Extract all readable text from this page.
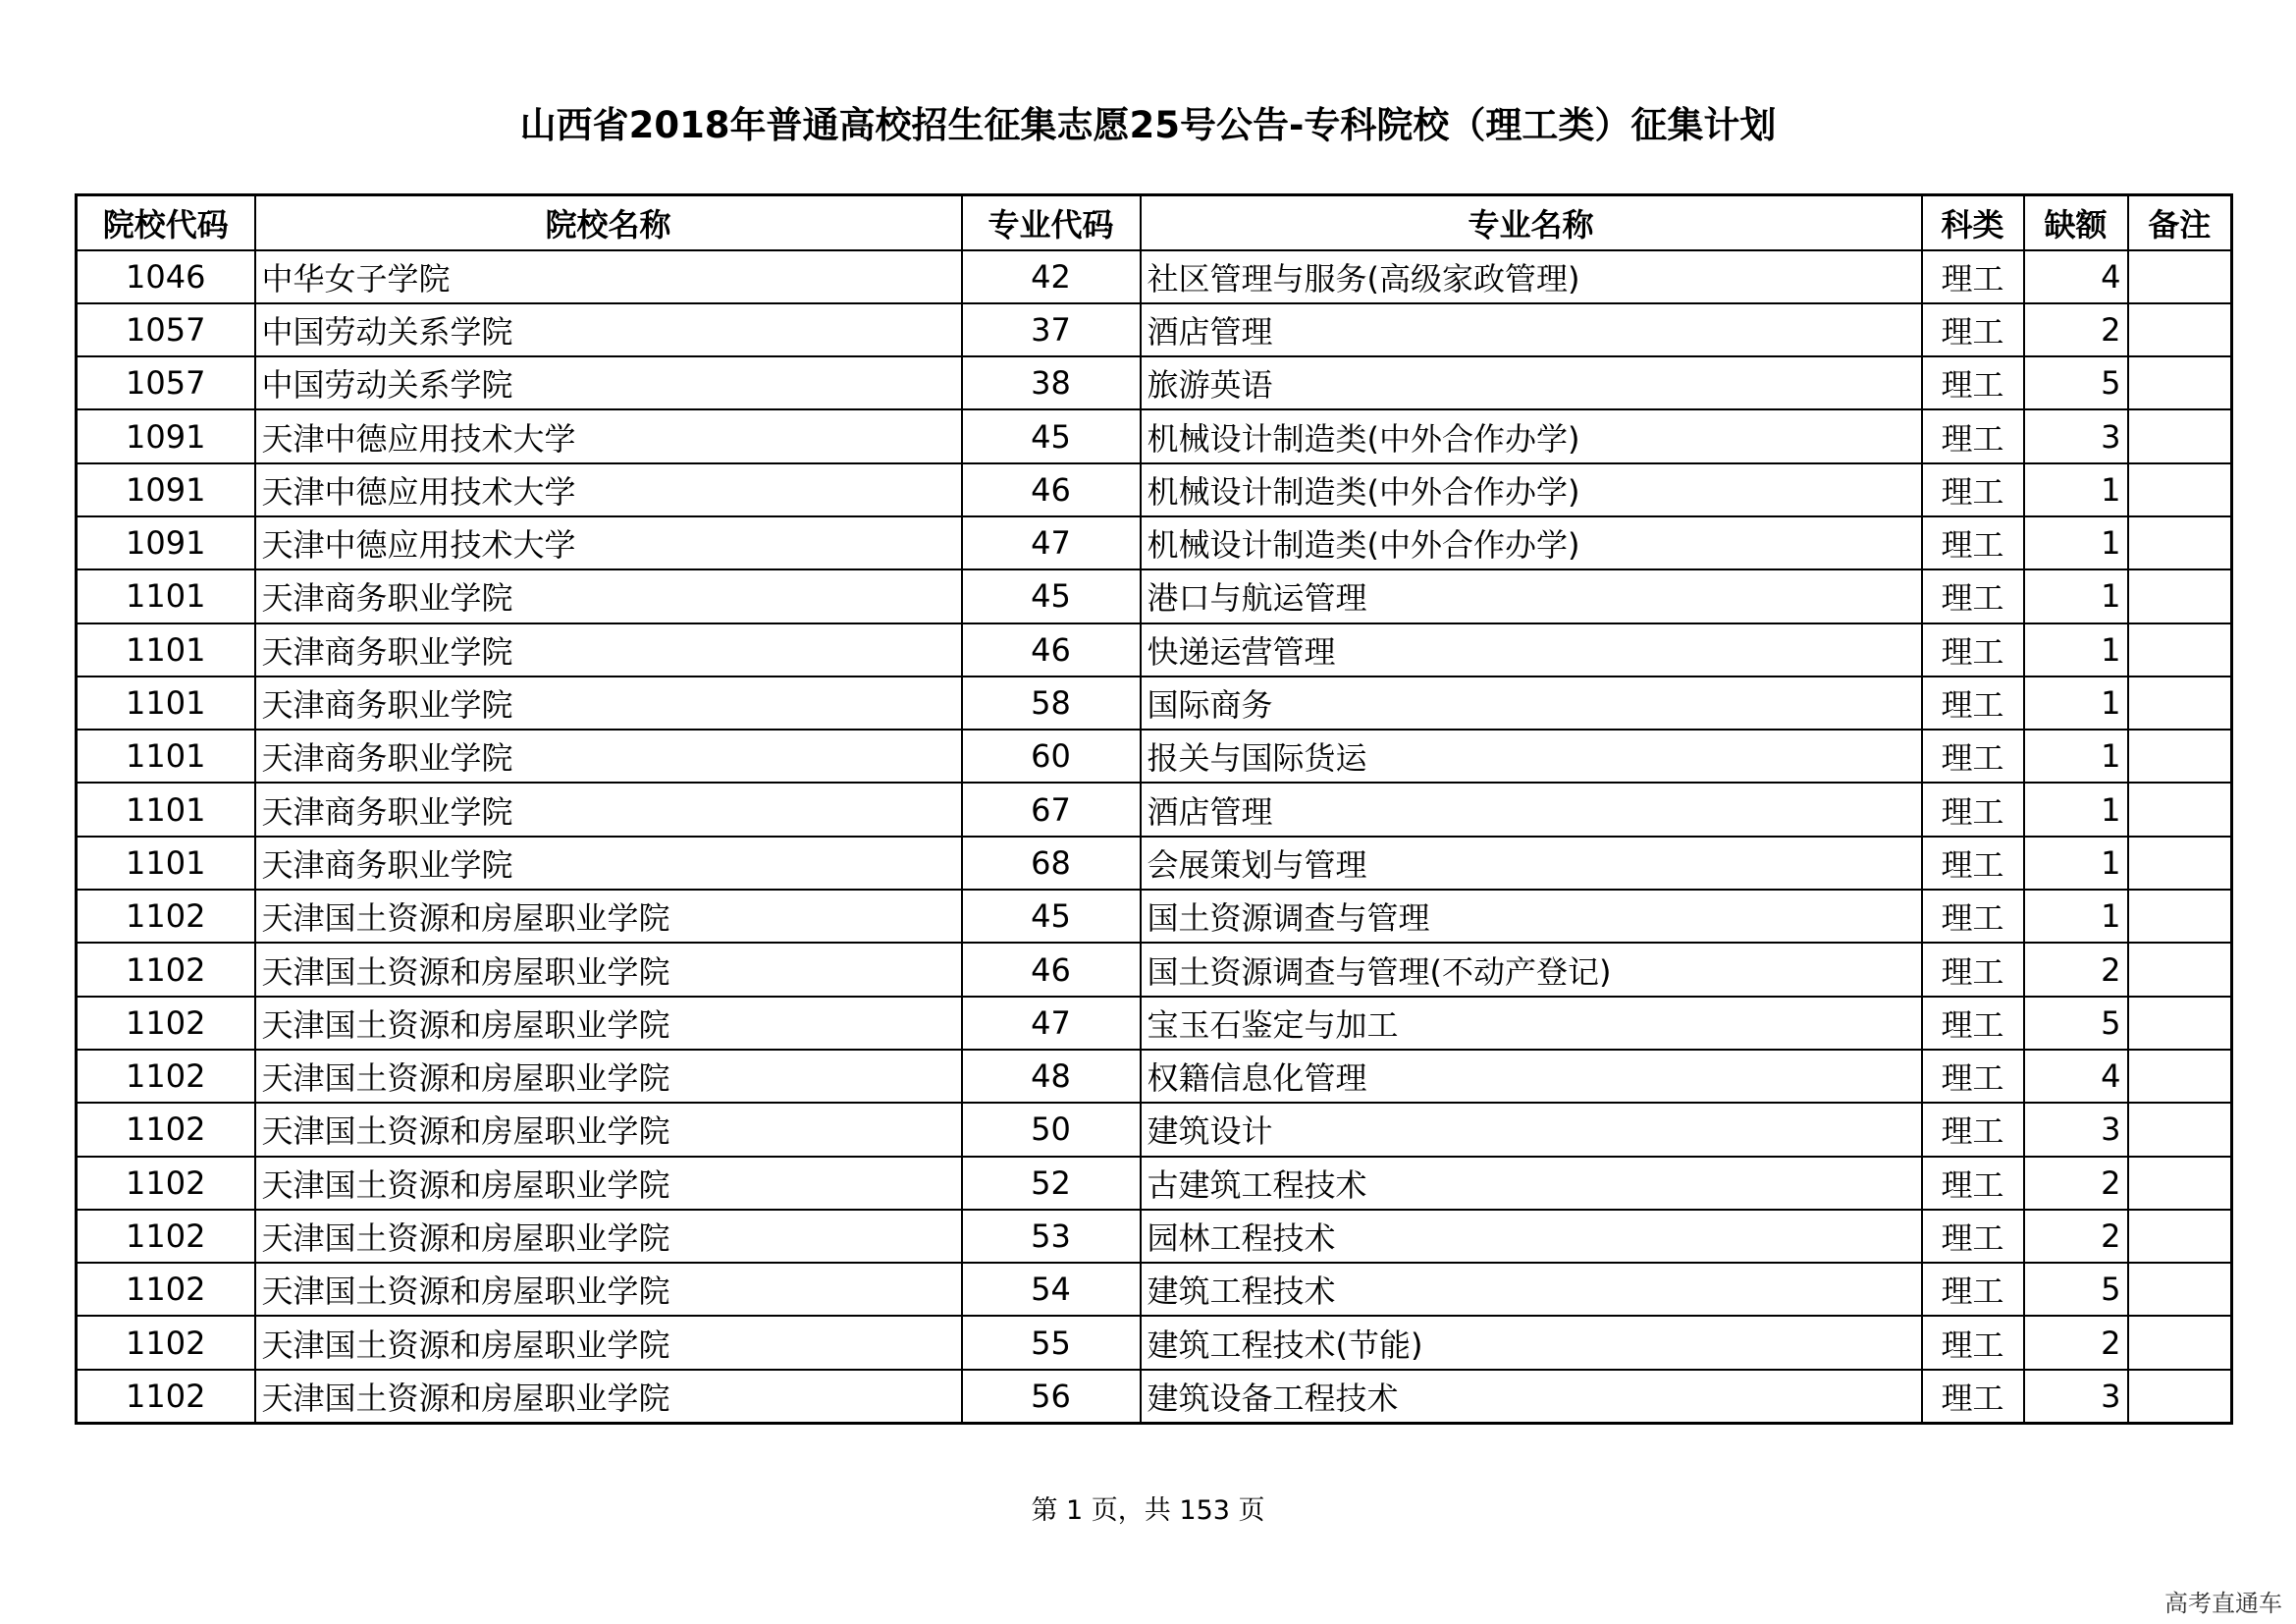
山西省2018年普通高校招生征集志愿25号公告-专科院校（理工类）征集计划
院校代码	院校名称	专业代码	专业名称	科类	缺额	备注
1046	中华女子学院	42	社区管理与服务(高级家政管理)	理工	4	
1057	中国劳动关系学院	37	酒店管理	理工	2	
1057	中国劳动关系学院	38	旅游英语	理工	5	
1091	天津中德应用技术大学	45	机械设计制造类(中外合作办学)	理工	3	
1091	天津中德应用技术大学	46	机械设计制造类(中外合作办学)	理工	1	
1091	天津中德应用技术大学	47	机械设计制造类(中外合作办学)	理工	1	
1101	天津商务职业学院	45	港口与航运管理	理工	1	
1101	天津商务职业学院	46	快递运营管理	理工	1	
1101	天津商务职业学院	58	国际商务	理工	1	
1101	天津商务职业学院	60	报关与国际货运	理工	1	
1101	天津商务职业学院	67	酒店管理	理工	1	
1101	天津商务职业学院	68	会展策划与管理	理工	1	
1102	天津国土资源和房屋职业学院	45	国土资源调查与管理	理工	1	
1102	天津国土资源和房屋职业学院	46	国土资源调查与管理(不动产登记)	理工	2	
1102	天津国土资源和房屋职业学院	47	宝玉石鉴定与加工	理工	5	
1102	天津国土资源和房屋职业学院	48	权籍信息化管理	理工	4	
1102	天津国土资源和房屋职业学院	50	建筑设计	理工	3	
1102	天津国土资源和房屋职业学院	52	古建筑工程技术	理工	2	
1102	天津国土资源和房屋职业学院	53	园林工程技术	理工	2	
1102	天津国土资源和房屋职业学院	54	建筑工程技术	理工	5	
1102	天津国土资源和房屋职业学院	55	建筑工程技术(节能)	理工	2	
1102	天津国土资源和房屋职业学院	56	建筑设备工程技术	理工	3	
第 1 页，共 153 页
高考直通车
